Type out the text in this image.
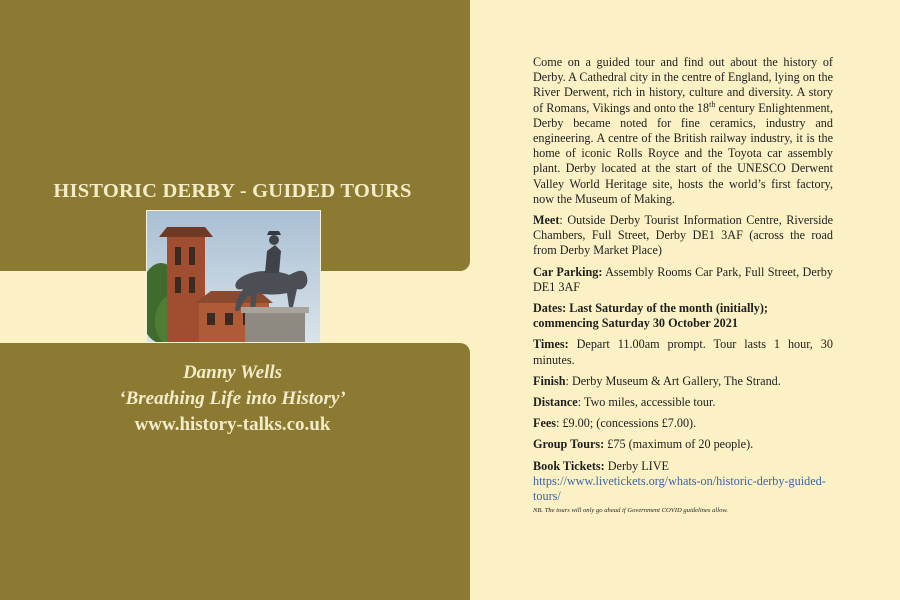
HISTORIC DERBY - GUIDED TOURS

Danny Wells

‘Breathing Life into History’

www.history-talks.co.uk

Come on a guided tour and find out about the history of Derby. A Cathedral city in the centre of England, lying on the River Derwent, rich in history, culture and diversity. A story of Romans, Vikings and onto the 18th century Enlightenment, Derby became noted for fine ceramics, industry and engineering. A centre of the British railway industry, it is the home of iconic Rolls Royce and the Toyota car assembly plant. Derby located at the start of the UNESCO Derwent Valley World Heritage site, hosts the world’s first factory, now the Museum of Making.

Meet: Outside Derby Tourist Information Centre, Riverside Chambers, Full Street, Derby DE1 3AF (across the road from Derby Market Place)

Car Parking: Assembly Rooms Car Park, Full Street, Derby DE1 3AF

Dates: Last Saturday of the month (initially); commencing Saturday 30 October 2021

Times: Depart 11.00am prompt. Tour lasts 1 hour, 30 minutes.

Finish: Derby Museum & Art Gallery, The Strand.

Distance: Two miles, accessible tour.

Fees: £9.00; (concessions £7.00).

Group Tours: £75 (maximum of 20 people).

Book Tickets: Derby LIVE
https://www.livetickets.org/whats-on/historic-derby-guided-tours/

NB. The tours will only go ahead if Government COVID guidelines allow.
